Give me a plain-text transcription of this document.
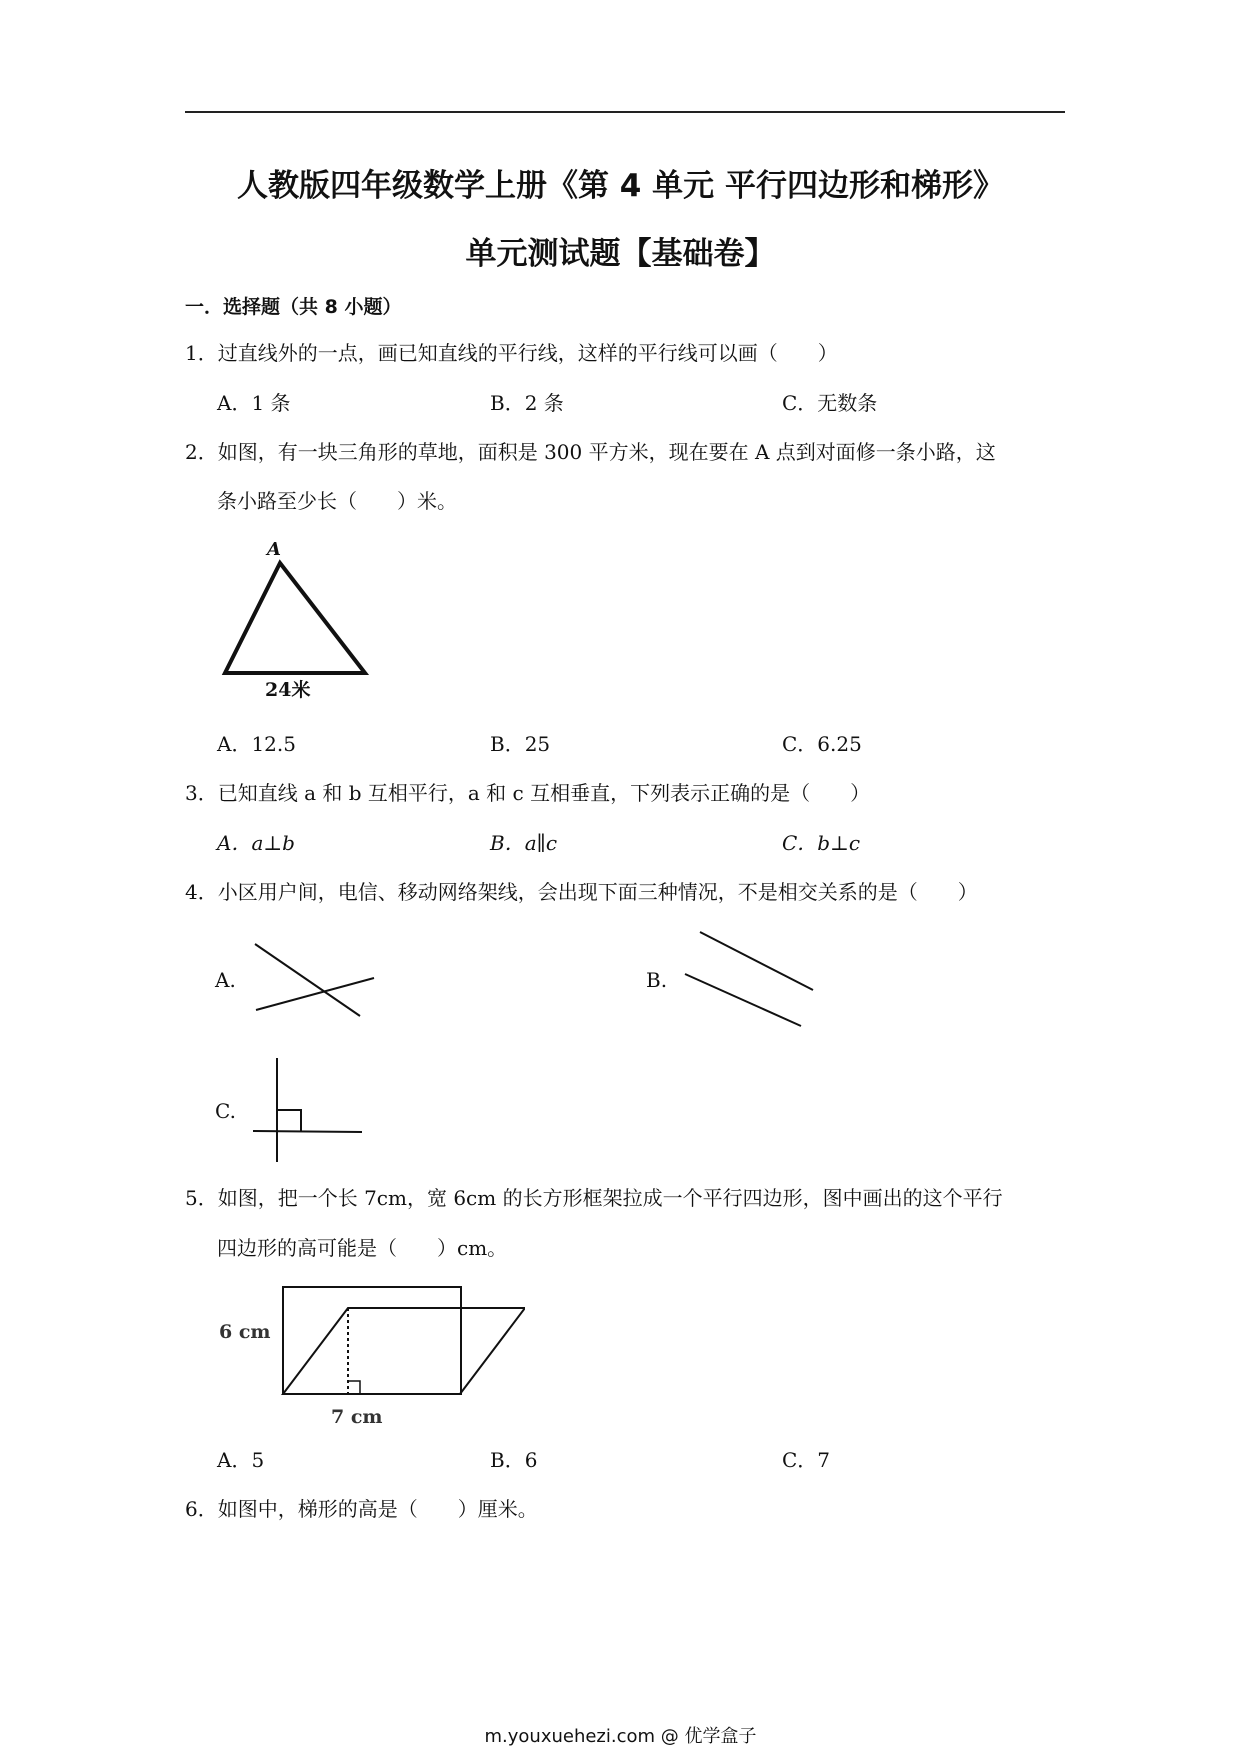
人教版四年级数学上册《第 4 单元 平行四边形和梯形》
单元测试题【基础卷】
一．选择题（共 8 小题）
1．过直线外的一点，画已知直线的平行线，这样的平行线可以画（　　）
A．1 条	B．2 条	C．无数条
2．如图，有一块三角形的草地，面积是 300 平方米，现在要在 A 点到对面修一条小路，这
条小路至少长（　　）米。
A
24米
A．12.5	B．25	C．6.25
3．已知直线 a 和 b 互相平行，a 和 c 互相垂直，下列表示正确的是（　　）
A．a⊥b	B．a∥c	C．b⊥c
4．小区用户间，电信、移动网络架线，会出现下面三种情况，不是相交关系的是（　　）
A.	B.
C.
5．如图，把一个长 7cm，宽 6cm 的长方形框架拉成一个平行四边形，图中画出的这个平行
四边形的高可能是（　　）cm。
6 cm
7 cm
A．5	B．6	C．7
6．如图中，梯形的高是（　　）厘米。
m.youxuehezi.com @ 优学盒子
